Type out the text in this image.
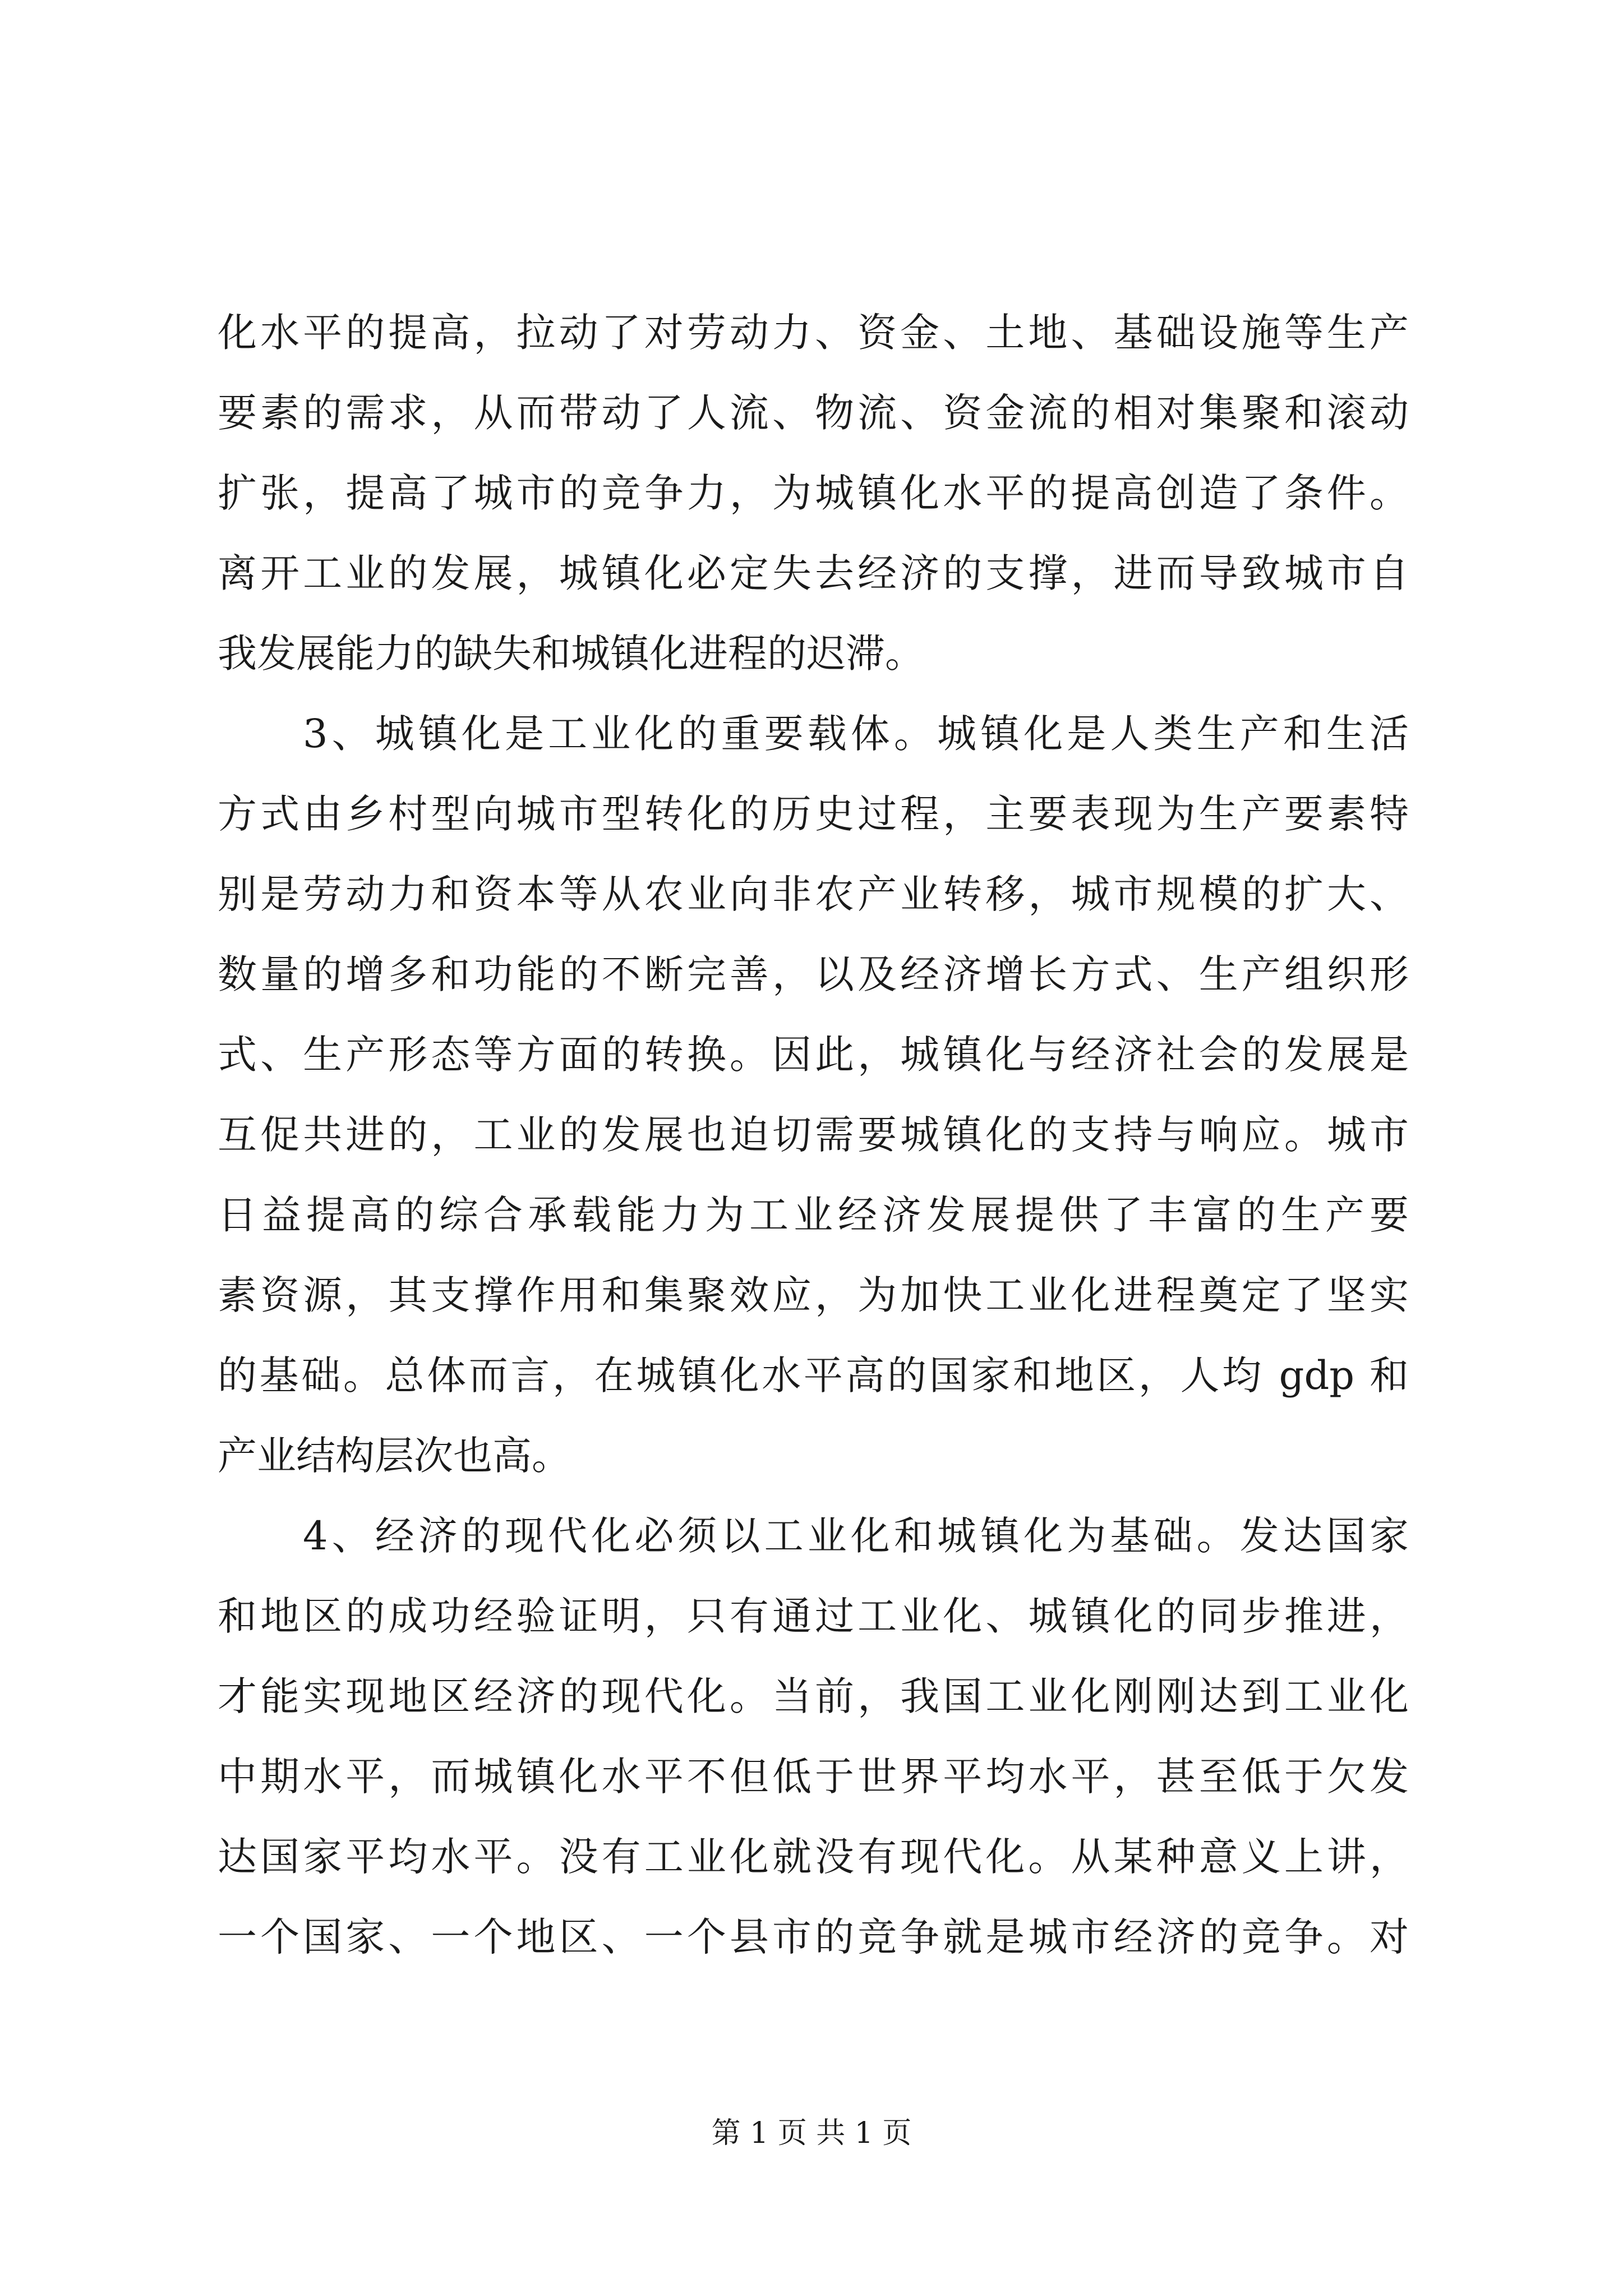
化水平的提高，拉动了对劳动力、资金、土地、基础设施等生产
要素的需求，从而带动了人流、物流、资金流的相对集聚和滚动
扩张，提高了城市的竞争力，为城镇化水平的提高创造了条件。
离开工业的发展，城镇化必定失去经济的支撑，进而导致城市自
我发展能力的缺失和城镇化进程的迟滞。
3、城镇化是工业化的重要载体。城镇化是人类生产和生活
方式由乡村型向城市型转化的历史过程，主要表现为生产要素特
别是劳动力和资本等从农业向非农产业转移，城市规模的扩大、
数量的增多和功能的不断完善，以及经济增长方式、生产组织形
式、生产形态等方面的转换。因此，城镇化与经济社会的发展是
互促共进的，工业的发展也迫切需要城镇化的支持与响应。城市
日益提高的综合承载能力为工业经济发展提供了丰富的生产要
素资源，其支撑作用和集聚效应，为加快工业化进程奠定了坚实
的基础。总体而言，在城镇化水平高的国家和地区，人均 gdp 和
产业结构层次也高。
4、经济的现代化必须以工业化和城镇化为基础。发达国家
和地区的成功经验证明，只有通过工业化、城镇化的同步推进，
才能实现地区经济的现代化。当前，我国工业化刚刚达到工业化
中期水平，而城镇化水平不但低于世界平均水平，甚至低于欠发
达国家平均水平。没有工业化就没有现代化。从某种意义上讲，
一个国家、一个地区、一个县市的竞争就是城市经济的竞争。对
第 1 页 共 1 页
